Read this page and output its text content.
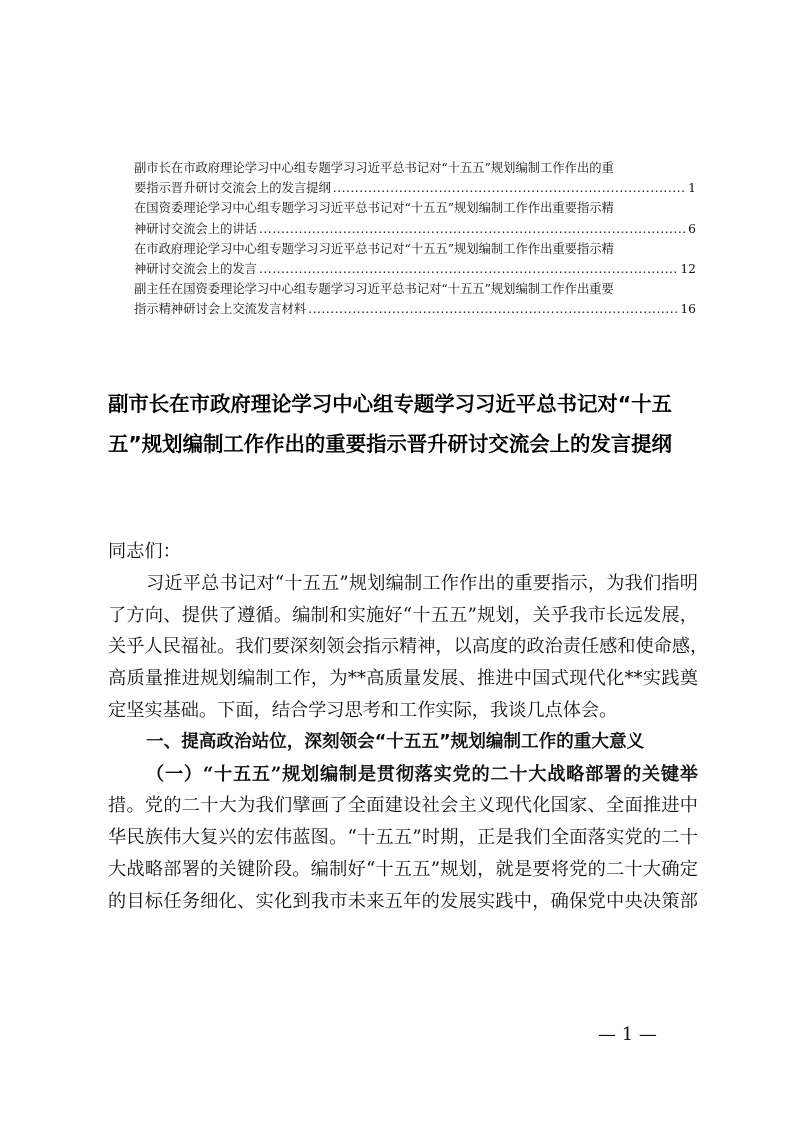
副市长在市政府理论学习中心组专题学习习近平总书记对“十五五”规划编制工作作出的重
要指示晋升研讨交流会上的发言提纲 .....	1
在国资委理论学习中心组专题学习习近平总书记对“十五五”规划编制工作作出重要指示精
神研讨交流会上的讲话 .....	6
在市政府理论学习中心组专题学习习近平总书记对“十五五”规划编制工作作出重要指示精
神研讨交流会上的发言 .....	12
副主任在国资委理论学习中心组专题学习习近平总书记对“十五五”规划编制工作作出重要
指示精神研讨会上交流发言材料 .....	16
副市长在市政府理论学习中心组专题学习习近平总书记对“十五
五”规划编制工作作出的重要指示晋升研讨交流会上的发言提纲
同志们：
习近平总书记对“十五五”规划编制工作作出的重要指示，为我们指明
了方向、提供了遵循。编制和实施好“十五五”规划，关乎我市长远发展，
关乎人民福祉。我们要深刻领会指示精神，以高度的政治责任感和使命感，
高质量推进规划编制工作，为**高质量发展、推进中国式现代化**实践奠
定坚实基础。下面，结合学习思考和工作实际，我谈几点体会。
一、提高政治站位，深刻领会“十五五”规划编制工作的重大意义
（一）“十五五”规划编制是贯彻落实党的二十大战略部署的关键举
措。党的二十大为我们擘画了全面建设社会主义现代化国家、全面推进中
华民族伟大复兴的宏伟蓝图。“十五五”时期，正是我们全面落实党的二十
大战略部署的关键阶段。编制好“十五五”规划，就是要将党的二十大确定
的目标任务细化、实化到我市未来五年的发展实践中，确保党中央决策部
— 1 —
